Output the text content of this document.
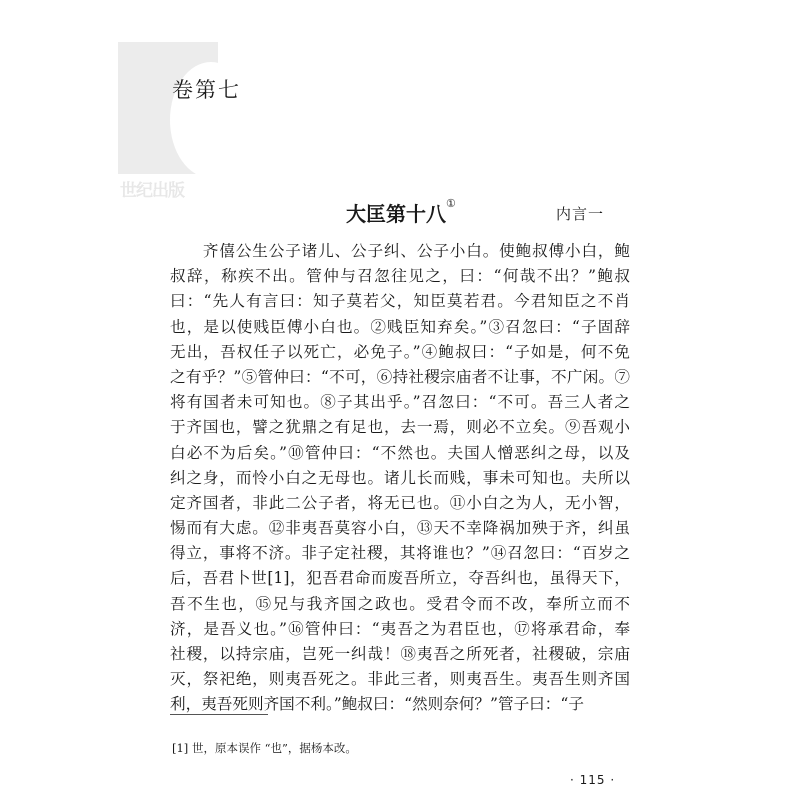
世纪出版
卷第七
大匡第十八①
内言一
　　齐僖公生公子诸儿、公子纠、公子小白。使鲍叔傅小白，鲍
叔辞，称疾不出。管仲与召忽往见之，曰：“何哉不出？”鲍叔
曰：“先人有言曰：知子莫若父，知臣莫若君。今君知臣之不肖
也，是以使贱臣傅小白也。②贱臣知弃矣。”③召忽曰：“子固辞
无出，吾权任子以死亡，必免子。”④鲍叔曰：“子如是，何不免
之有乎？”⑤管仲曰：“不可，⑥持社稷宗庙者不让事，不广闲。⑦
将有国者未可知也。⑧子其出乎。”召忽曰：“不可。吾三人者之
于齐国也，譬之犹鼎之有足也，去一焉，则必不立矣。⑨吾观小
白必不为后矣。”⑩管仲曰：“不然也。夫国人憎恶纠之母，以及
纠之身，而怜小白之无母也。诸儿长而贱，事未可知也。夫所以
定齐国者，非此二公子者，将无已也。⑪小白之为人，无小智，
惕而有大虑。⑫非夷吾莫容小白，⑬天不幸降祸加殃于齐，纠虽
得立，事将不济。非子定社稷，其将谁也？”⑭召忽曰：“百岁之
后，吾君卜世[1]，犯吾君命而废吾所立，夺吾纠也，虽得天下，
吾不生也，⑮兄与我齐国之政也。受君令而不改，奉所立而不
济，是吾义也。”⑯管仲曰：“夷吾之为君臣也，⑰将承君命，奉
社稷，以持宗庙，岂死一纠哉！⑱夷吾之所死者，社稷破，宗庙
灭，祭祀绝，则夷吾死之。非此三者，则夷吾生。夷吾生则齐国
利，夷吾死则齐国不利。”鲍叔曰：“然则奈何？”管子曰：“子
[1] 世，原本误作 “也”，据杨本改。
· 115 ·
